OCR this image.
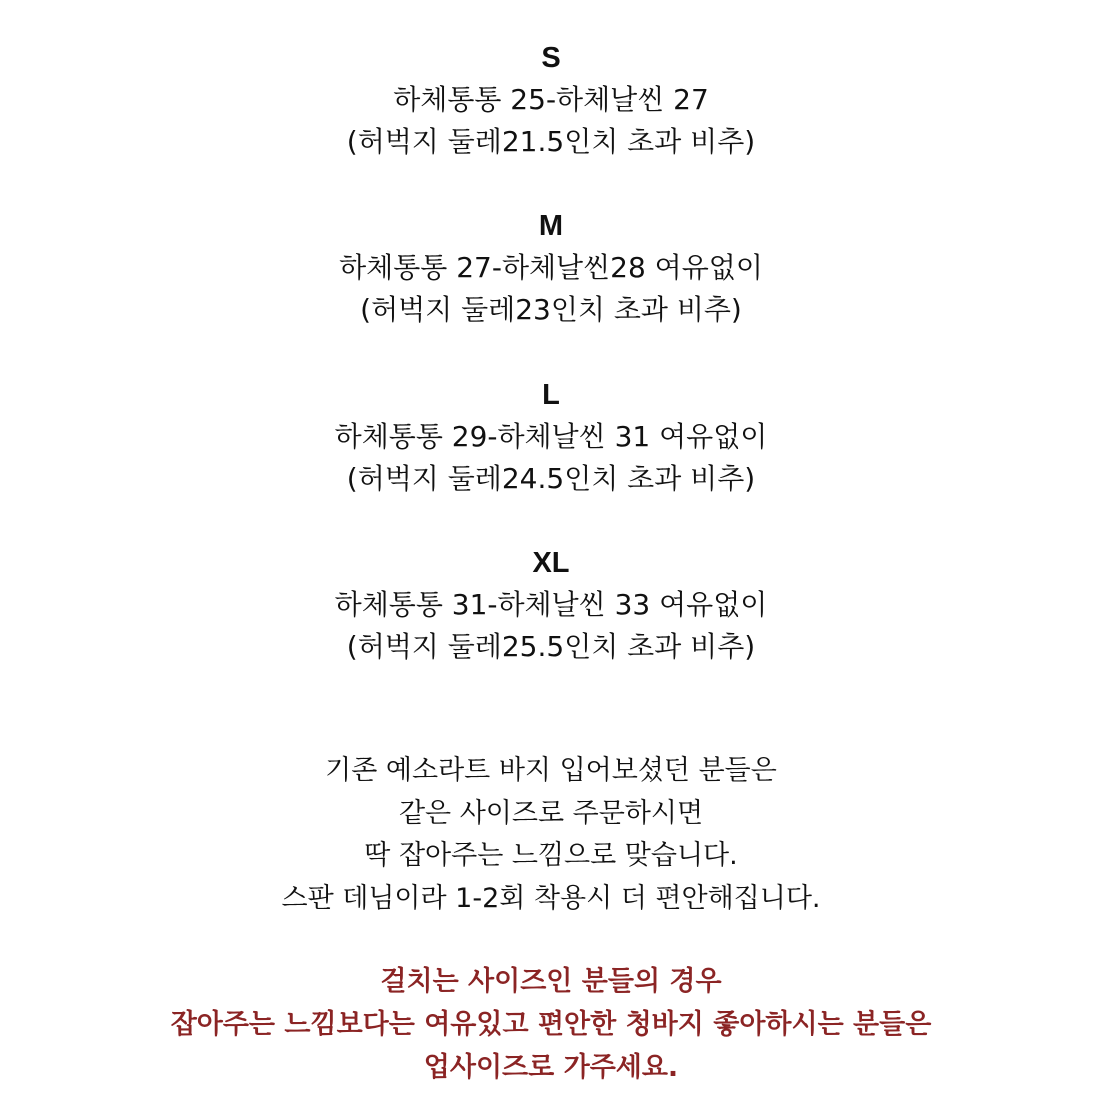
S
하체통통 25-하체날씬 27
(허벅지 둘레21.5인치 초과 비추)
M
하체통통 27-하체날씬28 여유없이
(허벅지 둘레23인치 초과 비추)
L
하체통통 29-하체날씬 31 여유없이
(허벅지 둘레24.5인치 초과 비추)
XL
하체통통 31-하체날씬 33 여유없이
(허벅지 둘레25.5인치 초과 비추)
기존 예소라트 바지 입어보셨던 분들은
같은 사이즈로 주문하시면
딱 잡아주는 느낌으로 맞습니다.
스판 데님이라 1-2회 착용시 더 편안해집니다.
걸치는 사이즈인 분들의 경우
잡아주는 느낌보다는 여유있고 편안한 청바지 좋아하시는 분들은
업사이즈로 가주세요.
